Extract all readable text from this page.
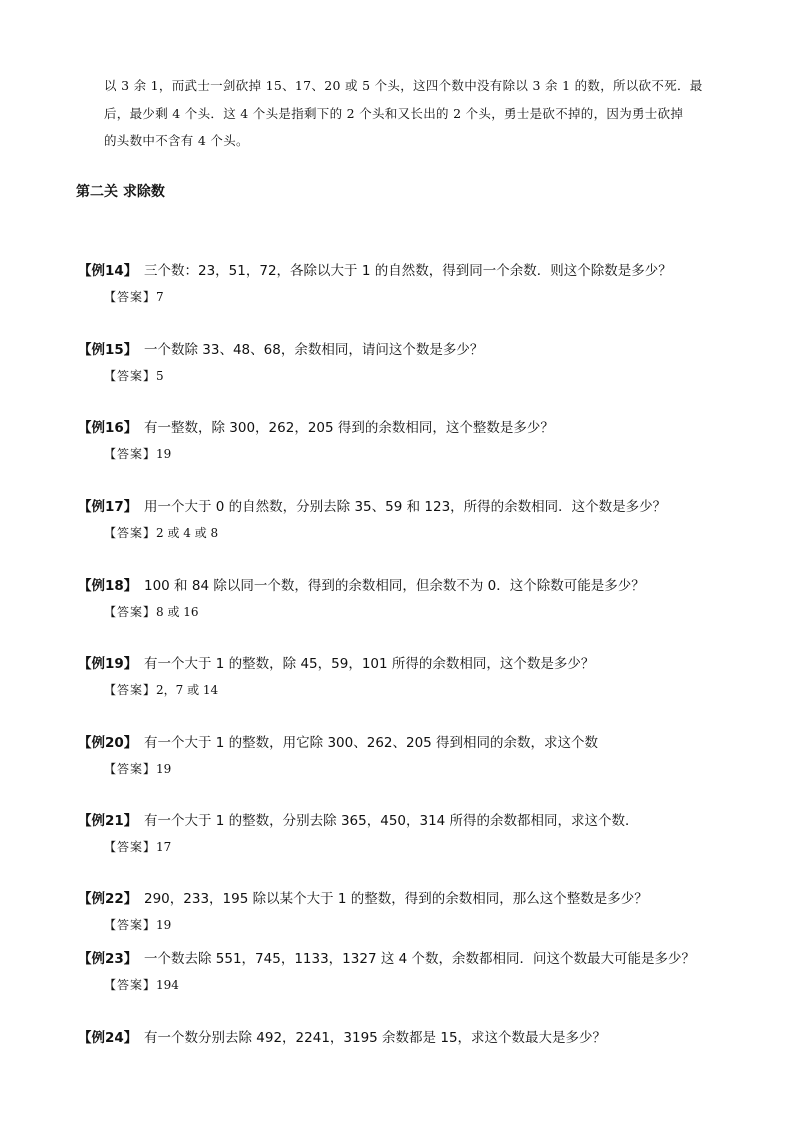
以 3 余 1，而武士一剑砍掉 15、17、20 或 5 个头，这四个数中没有除以 3 余 1 的数，所以砍不死．最

后，最少剩 4 个头．这 4 个头是指剩下的 2 个头和又长出的 2 个头，勇士是砍不掉的，因为勇士砍掉

的头数中不含有 4 个头。

第二关 求除数
【例14】 三个数：23，51，72，各除以大于 1 的自然数，得到同一个余数．则这个除数是多少？
【答案】7
【例15】 一个数除 33、48、68，余数相同，请问这个数是多少？
【答案】5
【例16】 有一整数，除 300，262，205 得到的余数相同，这个整数是多少？
【答案】19
【例17】 用一个大于 0 的自然数，分别去除 35、59 和 123，所得的余数相同．这个数是多少？
【答案】2 或 4 或 8
【例18】 100 和 84 除以同一个数，得到的余数相同，但余数不为 0．这个除数可能是多少？
【答案】8 或 16
【例19】 有一个大于 1 的整数，除 45，59，101 所得的余数相同，这个数是多少？
【答案】2，7 或 14
【例20】 有一个大于 1 的整数，用它除 300、262、205 得到相同的余数，求这个数
【答案】19
【例21】 有一个大于 1 的整数，分别去除 365，450，314 所得的余数都相同，求这个数．
【答案】17
【例22】 290，233，195 除以某个大于 1 的整数，得到的余数相同，那么这个整数是多少？
【答案】19
【例23】 一个数去除 551，745，1133，1327 这 4 个数，余数都相同．问这个数最大可能是多少？
【答案】194
【例24】 有一个数分别去除 492，2241，3195 余数都是 15，求这个数最大是多少？
